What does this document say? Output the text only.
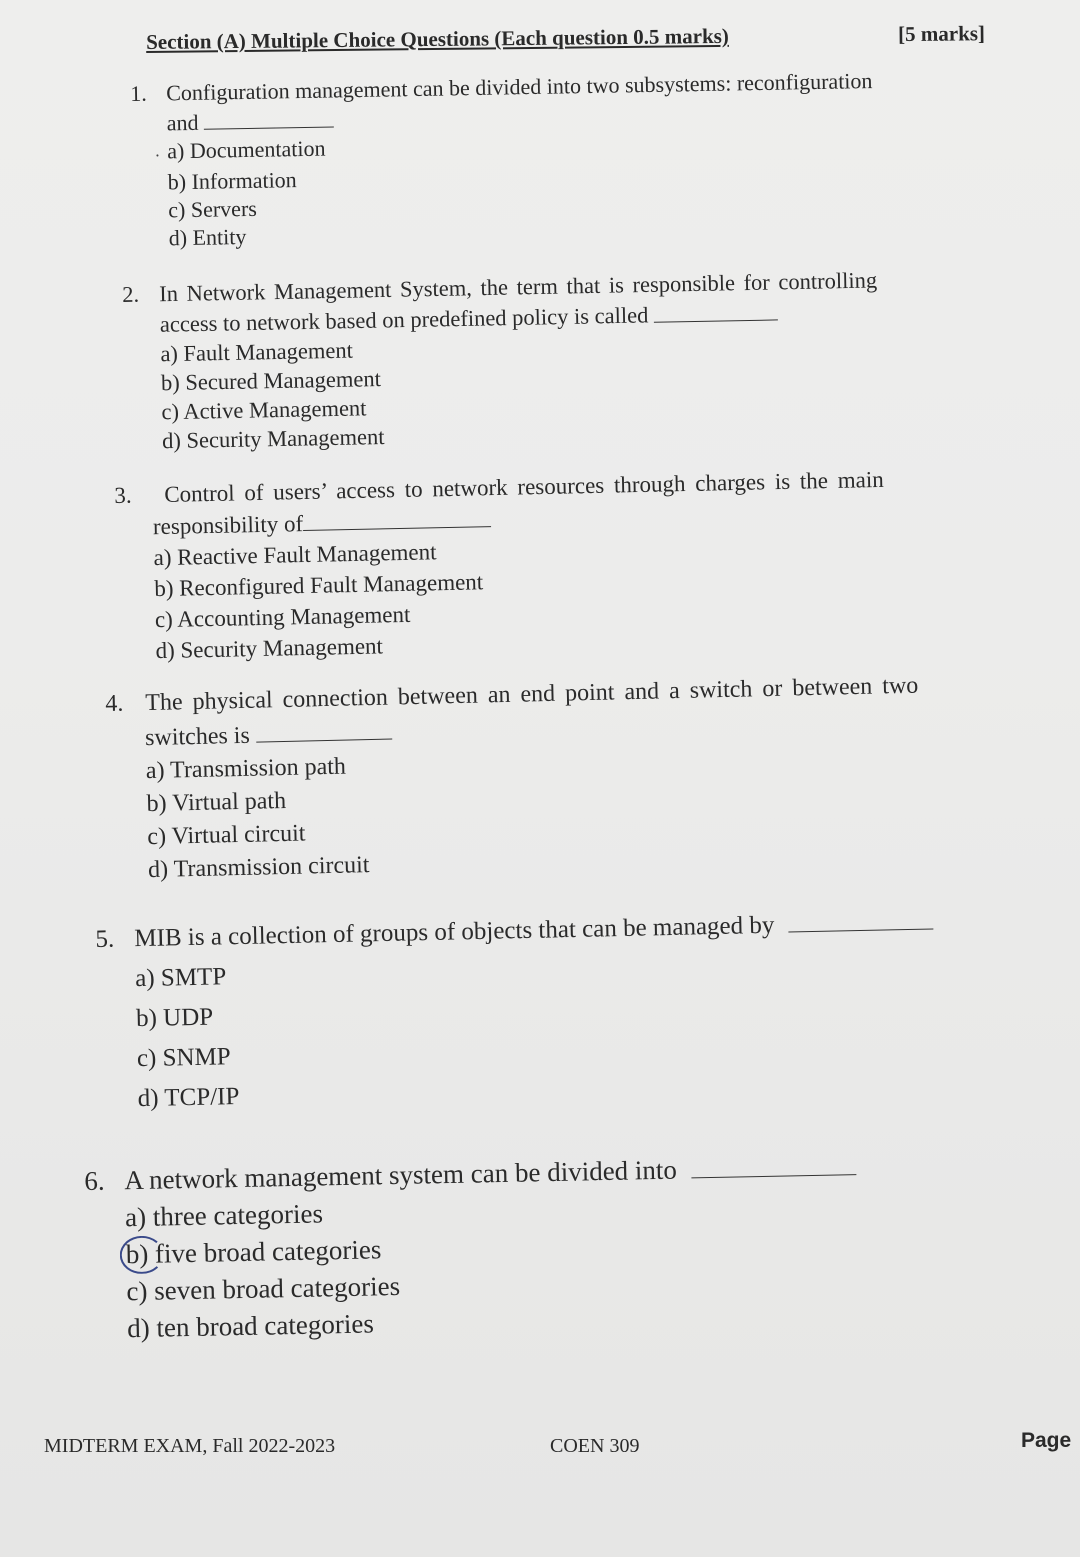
Section (A) Multiple Choice Questions (Each question 0.5 marks)	[5 marks]
1. Configuration management can be divided into two subsystems: reconfiguration
and
⸳ a) Documentation
b) Information
c) Servers
d) Entity
2. In Network Management System, the term that is responsible for controlling
access to network based on predefined policy is called
a) Fault Management
b) Secured Management
c) Active Management
d) Security Management
3. Control of users’ access to network resources through charges is the main
responsibility of
a) Reactive Fault Management
b) Reconfigured Fault Management
c) Accounting Management
d) Security Management
4. The physical connection between an end point and a switch or between two
switches is
a) Transmission path
b) Virtual path
c) Virtual circuit
d) Transmission circuit
5. MIB is a collection of groups of objects that can be managed by
a) SMTP
b) UDP
c) SNMP
d) TCP/IP
6. A network management system can be divided into
a) three categories
b) five broad categories
c) seven broad categories
d) ten broad categories
MIDTERM EXAM, Fall 2022-2023	COEN 309	Page
